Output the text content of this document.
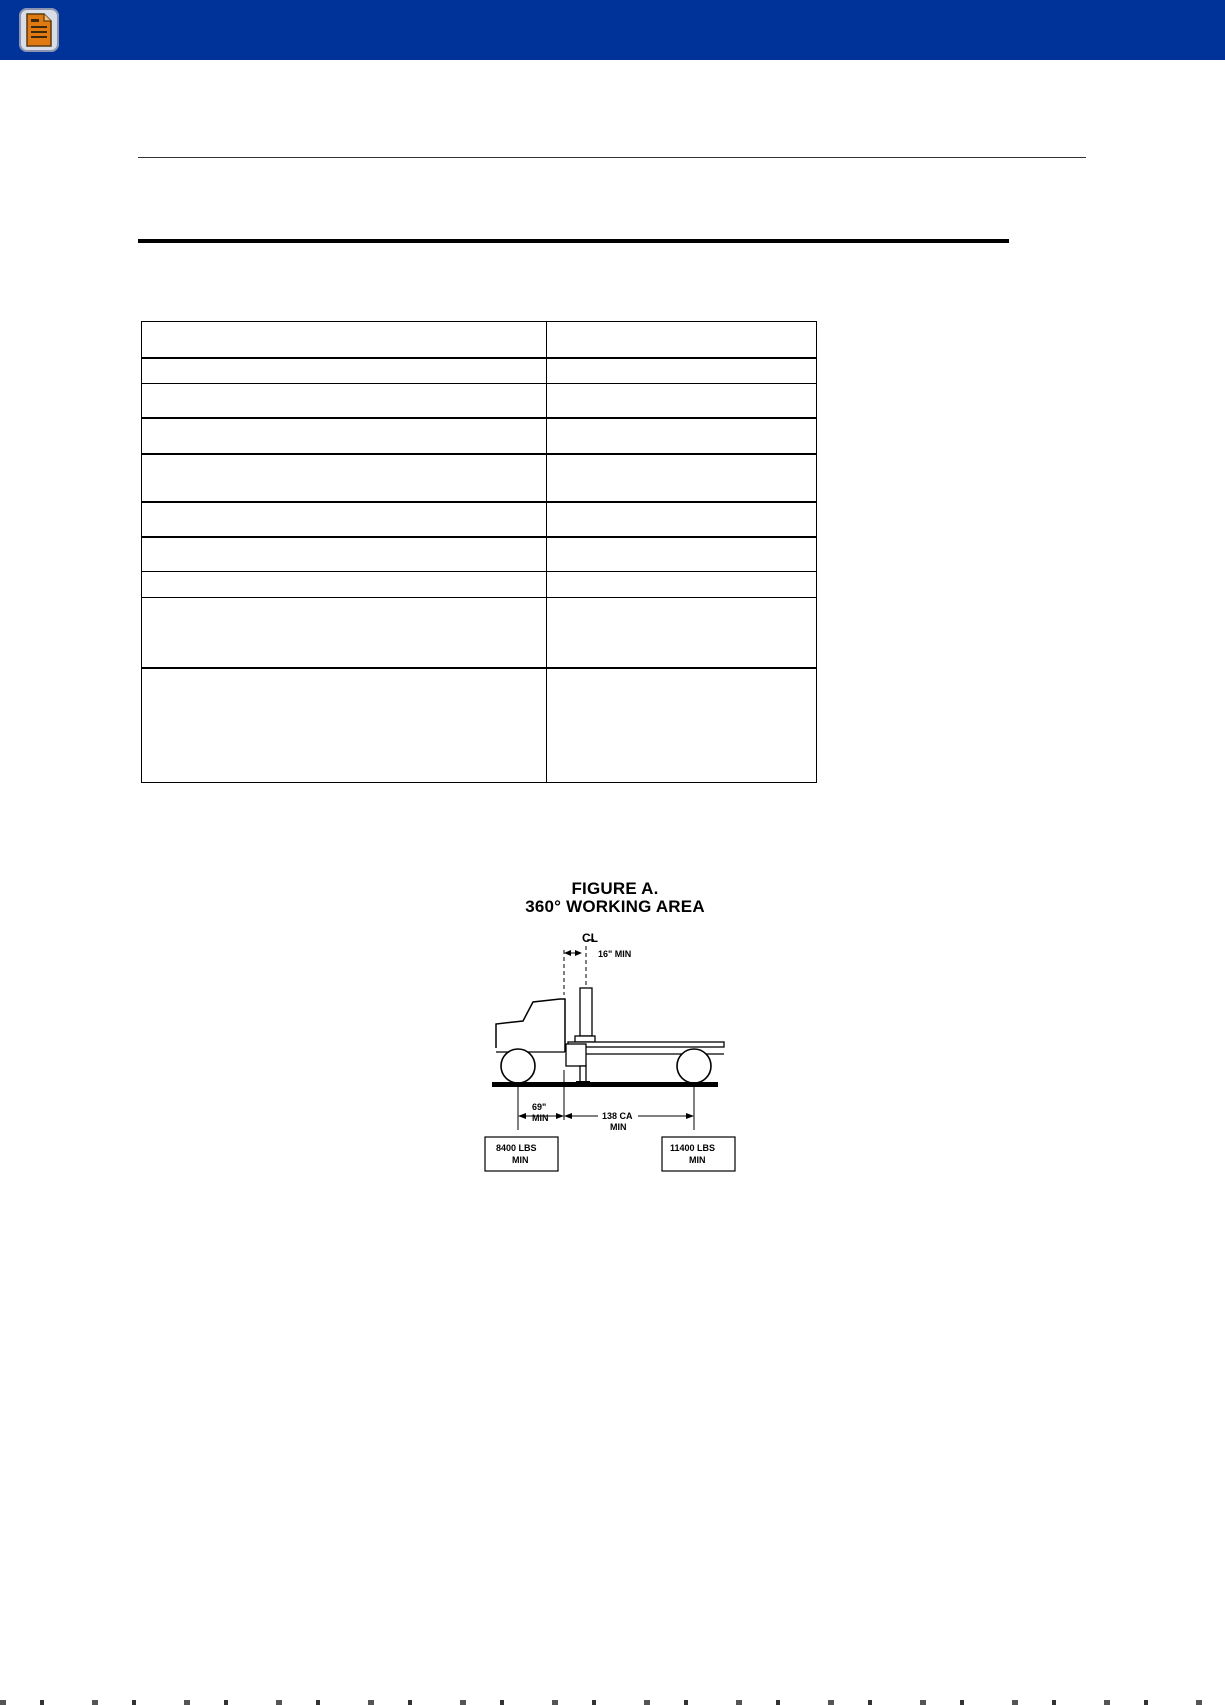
FIGURE A.
360° WORKING AREA
C̶L
16" MIN
69"
MIN	138 CA
MIN
8400 LBS
MIN
11400 LBS
MIN
